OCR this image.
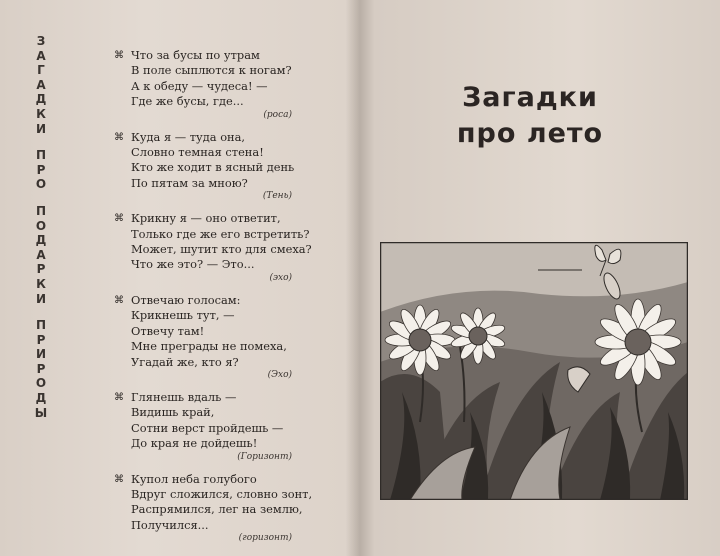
З
А
Г
А
Д
К
И
П
Р
О
П
О
Д
А
Р
К
И
П
Р
И
Р
О
Д
Ы
⌘ Что за бусы по утрам
В поле сыплются к ногам?
А к обеду — чудеса! —
Где же бусы, где...
(роса)
⌘ Куда я — туда она,
Словно темная стена!
Кто же ходит в ясный день
По пятам за мною?
(Тень)
⌘ Крикну я — оно ответит,
Только где же его встретить?
Может, шутит кто для смеха?
Что же это? — Это...
(эхо)
⌘ Отвечаю голосам:
Крикнешь тут, —
Отвечу там!
Мне преграды не помеха,
Угадай же, кто я?
(Эхо)
⌘ Глянешь вдаль —
Видишь край,
Сотни верст пройдешь —
До края не дойдешь!
(Горизонт)
⌘ Купол неба голубого
Вдруг сложился, словно зонт,
Распрямился, лег на землю,
Получился...
(горизонт)
Загадки
про лето
